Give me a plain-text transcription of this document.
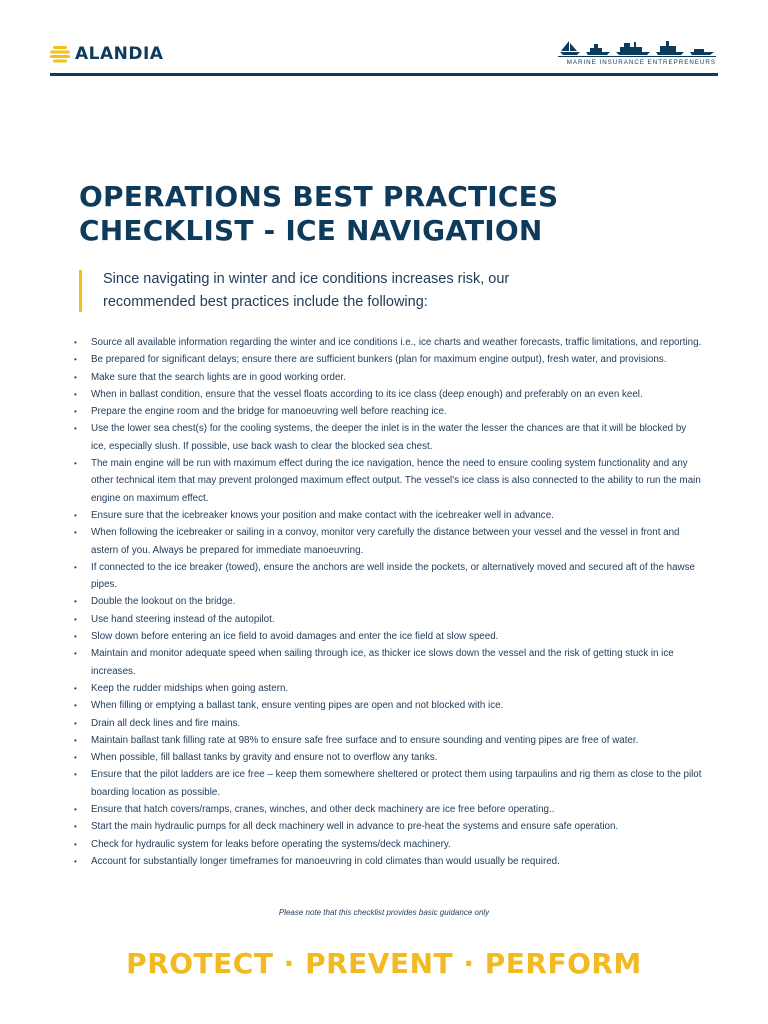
ALANDIA	MARINE INSURANCE ENTREPRENEURS
OPERATIONS BEST PRACTICES
CHECKLIST - ICE NAVIGATION
Since navigating in winter and ice conditions increases risk, our
recommended best practices include the following:
• Source all available information regarding the winter and ice conditions i.e., ice charts and weather forecasts, traffic limitations, and reporting.
• Be prepared for significant delays; ensure there are sufficient bunkers (plan for maximum engine output), fresh water, and provisions.
• Make sure that the search lights are in good working order.
• When in ballast condition, ensure that the vessel floats according to its ice class (deep enough) and preferably on an even keel.
• Prepare the engine room and the bridge for manoeuvring well before reaching ice.
• Use the lower sea chest(s) for the cooling systems, the deeper the inlet is in the water the lesser the chances are that it will be blocked by ice, especially slush. If possible, use back wash to clear the blocked sea chest.
• The main engine will be run with maximum effect during the ice navigation, hence the need to ensure cooling system functionality and any other technical item that may prevent prolonged maximum effect output. The vessel's ice class is also connected to the ability to run the main engine on maximum effect.
• Ensure sure that the icebreaker knows your position and make contact with the icebreaker well in advance.
• When following the icebreaker or sailing in a convoy, monitor very carefully the distance between your vessel and the vessel in front and astern of you. Always be prepared for immediate manoeuvring.
• If connected to the ice breaker (towed), ensure the anchors are well inside the pockets, or alternatively moved and secured aft of the hawse pipes.
• Double the lookout on the bridge.
• Use hand steering instead of the autopilot.
• Slow down before entering an ice field to avoid damages and enter the ice field at slow speed.
• Maintain and monitor adequate speed when sailing through ice, as thicker ice slows down the vessel and the risk of getting stuck in ice increases.
• Keep the rudder midships when going astern.
• When filling or emptying a ballast tank, ensure venting pipes are open and not blocked with ice.
• Drain all deck lines and fire mains.
• Maintain ballast tank filling rate at 98% to ensure safe free surface and to ensure sounding and venting pipes are free of water.
• When possible, fill ballast tanks by gravity and ensure not to overflow any tanks.
• Ensure that the pilot ladders are ice free – keep them somewhere sheltered or protect them using tarpaulins and rig them as close to the pilot boarding location as possible.
• Ensure that hatch covers/ramps, cranes, winches, and other deck machinery are ice free before operating..
• Start the main hydraulic pumps for all deck machinery well in advance to pre-heat the systems and ensure safe operation.
• Check for hydraulic system for leaks before operating the systems/deck machinery.
• Account for substantially longer timeframes for manoeuvring in cold climates than would usually be required.
Please note that this checklist provides basic guidance only
PROTECT · PREVENT · PERFORM
